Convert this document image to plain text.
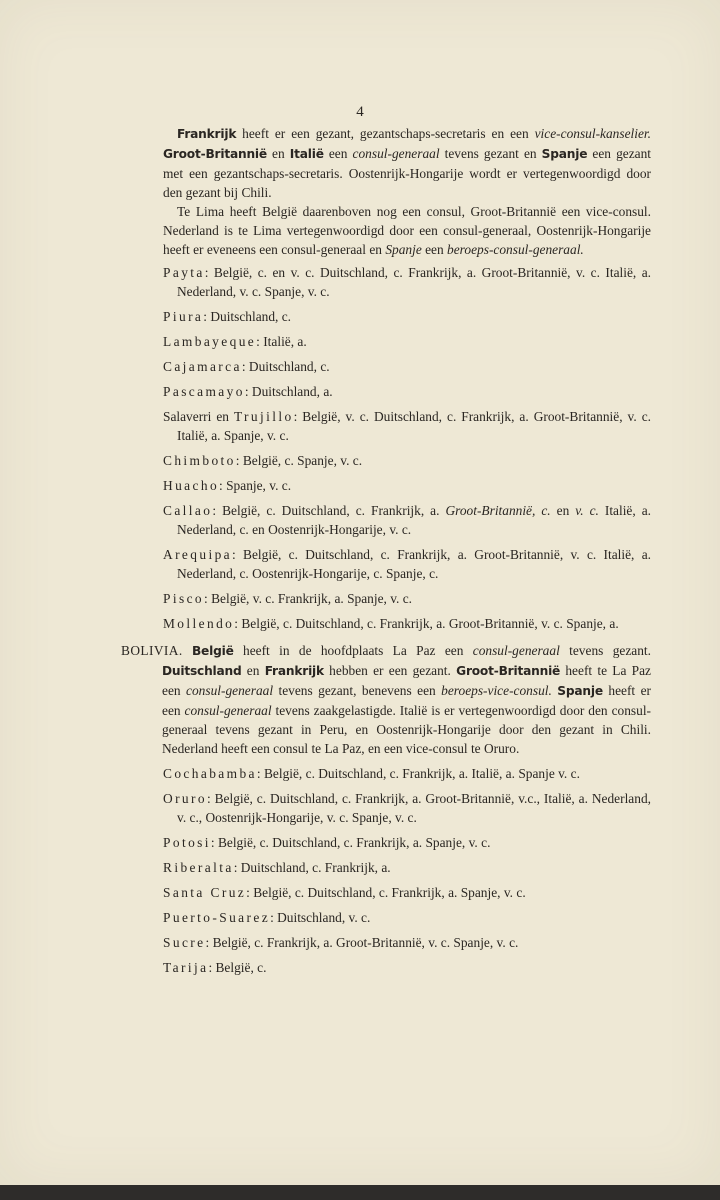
4

Frankrijk heeft er een gezant, gezantschaps-secretaris en een vice-consul-kanselier. Groot-Britannië en Italië een consul-generaal tevens gezant en Spanje een gezant met een gezantschaps-secretaris. Oostenrijk-Hongarije wordt er vertegenwoordigd door den gezant bij Chili.

Te Lima heeft België daarenboven nog een consul, Groot-Britannië een vice-consul. Nederland is te Lima vertegenwoordigd door een consul-generaal, Oostenrijk-Hongarije heeft er eveneens een consul-generaal en Spanje een beroeps-consul-generaal.

Payta: België, c. en v. c. Duitschland, c. Frankrijk, a. Groot-Britannië, v. c. Italië, a. Nederland, v. c. Spanje, v. c.

Piura: Duitschland, c.

Lambayeque: Italië, a.

Cajamarca: Duitschland, c.

Pascamayo: Duitschland, a.

Salaverri en Trujillo: België, v. c. Duitschland, c. Frankrijk, a. Groot-Britannië, v. c. Italië, a. Spanje, v. c.

Chimboto: België, c. Spanje, v. c.

Huacho: Spanje, v. c.

Callao: België, c. Duitschland, c. Frankrijk, a. Groot-Britannië, c. en v. c. Italië, a. Nederland, c. en Oostenrijk-Hongarije, v. c.

Arequipa: België, c. Duitschland, c. Frankrijk, a. Groot-Britannië, v. c. Italië, a. Nederland, c. Oostenrijk-Hongarije, c. Spanje, c.

Pisco: België, v. c. Frankrijk, a. Spanje, v. c.

Mollendo: België, c. Duitschland, c. Frankrijk, a. Groot-Britannië, v. c. Spanje, a.

BOLIVIA. België heeft in de hoofdplaats La Paz een consul-generaal tevens gezant. Duitschland en Frankrijk hebben er een gezant. Groot-Britannië heeft te La Paz een consul-generaal tevens gezant, benevens een beroeps-vice-consul. Spanje heeft er een consul-generaal tevens zaakgelastigde. Italië is er vertegenwoordigd door den consul-generaal tevens gezant in Peru, en Oostenrijk-Hongarije door den gezant in Chili. Nederland heeft een consul te La Paz, en een vice-consul te Oruro.

Cochabamba: België, c. Duitschland, c. Frankrijk, a. Italië, a. Spanje v. c.

Oruro: België, c. Duitschland, c. Frankrijk, a. Groot-Britannië, v.c., Italië, a. Nederland, v. c., Oostenrijk-Hongarije, v. c. Spanje, v. c.

Potosi: België, c. Duitschland, c. Frankrijk, a. Spanje, v. c.

Riberalta: Duitschland, c. Frankrijk, a.

Santa Cruz: België, c. Duitschland, c. Frankrijk, a. Spanje, v. c.

Puerto-Suarez: Duitschland, v. c.

Sucre: België, c. Frankrijk, a. Groot-Britannië, v. c. Spanje, v. c.

Tarija: België, c.
